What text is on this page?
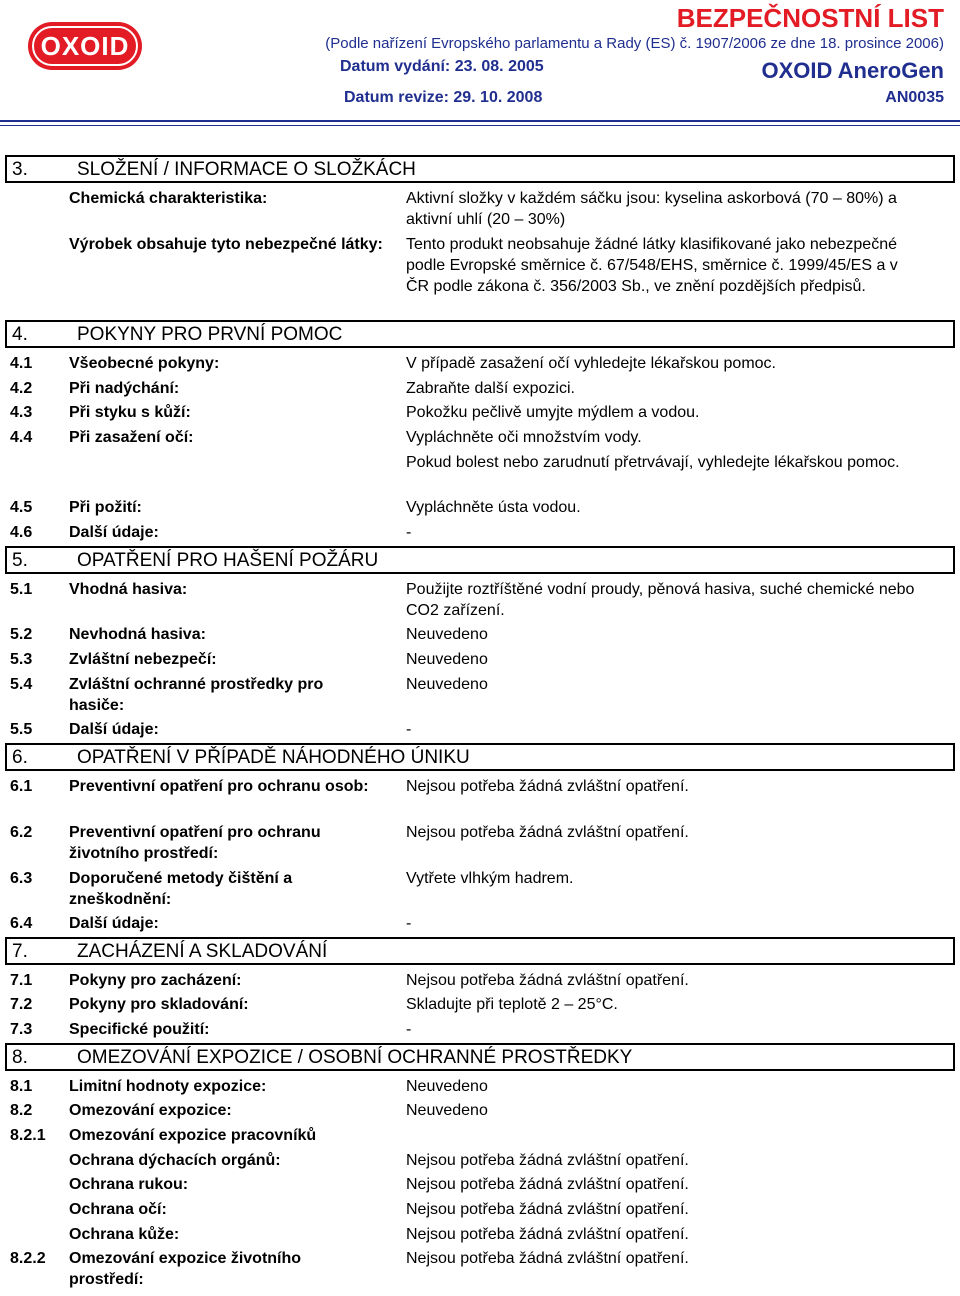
OXOID
BEZPEČNOSTNÍ LIST
(Podle nařízení Evropského parlamentu a Rady (ES) č. 1907/2006 ze dne 18. prosince 2006)
Datum vydání: 23. 08. 2005	OXOID AneroGen
Datum revize: 29. 10. 2008	AN0035
3.	SLOŽENÍ / INFORMACE O SLOŽKÁCH
Chemická charakteristika:	Aktivní složky v každém sáčku jsou: kyselina askorbová (70 – 80%) a aktivní uhlí (20 – 30%)
Výrobek obsahuje tyto nebezpečné látky:	Tento produkt neobsahuje žádné látky klasifikované jako nebezpečné podle Evropské směrnice č. 67/548/EHS, směrnice č. 1999/45/ES a v ČR podle zákona č. 356/2003 Sb., ve znění pozdějších předpisů.
4.	POKYNY PRO PRVNÍ POMOC
4.1 Všeobecné pokyny:	V případě zasažení očí vyhledejte lékařskou pomoc.
4.2 Při nadýchání:	Zabraňte další expozici.
4.3 Při styku s kůží:	Pokožku pečlivě umyjte mýdlem a vodou.
4.4 Při zasažení očí:	Vypláchněte oči množstvím vody.
Pokud bolest nebo zarudnutí přetrvávají, vyhledejte lékařskou pomoc.
4.5 Při požití:	Vypláchněte ústa vodou.
4.6 Další údaje:	-
5.	OPATŘENÍ PRO HAŠENÍ POŽÁRU
5.1 Vhodná hasiva:	Použijte roztříštěné vodní proudy, pěnová hasiva, suché chemické nebo CO2 zařízení.
5.2 Nevhodná hasiva:	Neuvedeno
5.3 Zvláštní nebezpečí:	Neuvedeno
5.4 Zvláštní ochranné prostředky pro hasiče:
Neuvedeno
5.5 Další údaje:	-
6.	OPATŘENÍ V PŘÍPADĚ NÁHODNÉHO ÚNIKU
6.1 Preventivní opatření pro ochranu osob: Nejsou potřeba žádná zvláštní opatření.
6.2 Preventivní opatření pro ochranu životního prostředí:
Nejsou potřeba žádná zvláštní opatření.
6.3 Doporučené metody čištění a zneškodnění:
Vytřete vlhkým hadrem.
6.4 Další údaje:	-
7.	ZACHÁZENÍ A SKLADOVÁNÍ
7.1 Pokyny pro zacházení:	Nejsou potřeba žádná zvláštní opatření.
7.2 Pokyny pro skladování:	Skladujte při teplotě 2 – 25°C.
7.3 Specifické použití:	-
8.	OMEZOVÁNÍ EXPOZICE / OSOBNÍ OCHRANNÉ PROSTŘEDKY
8.1 Limitní hodnoty expozice:	Neuvedeno
8.2 Omezování expozice:	Neuvedeno
8.2.1 Omezování expozice pracovníků
Ochrana dýchacích orgánů:	Nejsou potřeba žádná zvláštní opatření.
Ochrana rukou:	Nejsou potřeba žádná zvláštní opatření.
Ochrana očí:	Nejsou potřeba žádná zvláštní opatření.
Ochrana kůže:	Nejsou potřeba žádná zvláštní opatření.
8.2.2 Omezování expozice životního prostředí:
Nejsou potřeba žádná zvláštní opatření.
